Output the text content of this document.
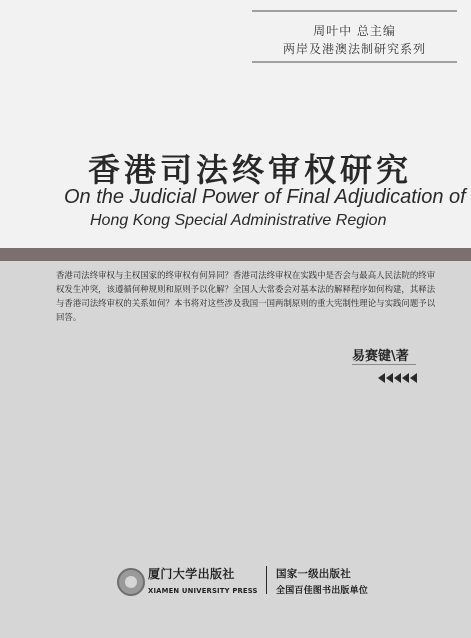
周叶中 总主编
两岸及港澳法制研究系列
香港司法终审权研究
On the Judicial Power of Final Adjudication of
Hong Kong Special Administrative Region
香港司法终审权与主权国家的终审权有何异同？香港司法终审权在实践中是否会与最高人民法院的终审权发生冲突，该遵循何种规则和原则予以化解？全国人大常委会对基本法的解释程序如何构建，其释法与香港司法终审权的关系如何？本书将对这些涉及我国一国两制原则的重大宪制性理论与实践问题予以回答。
易赛键\著
厦门大学出版社
XIAMEN UNIVERSITY PRESS
国家一级出版社
全国百佳图书出版单位
